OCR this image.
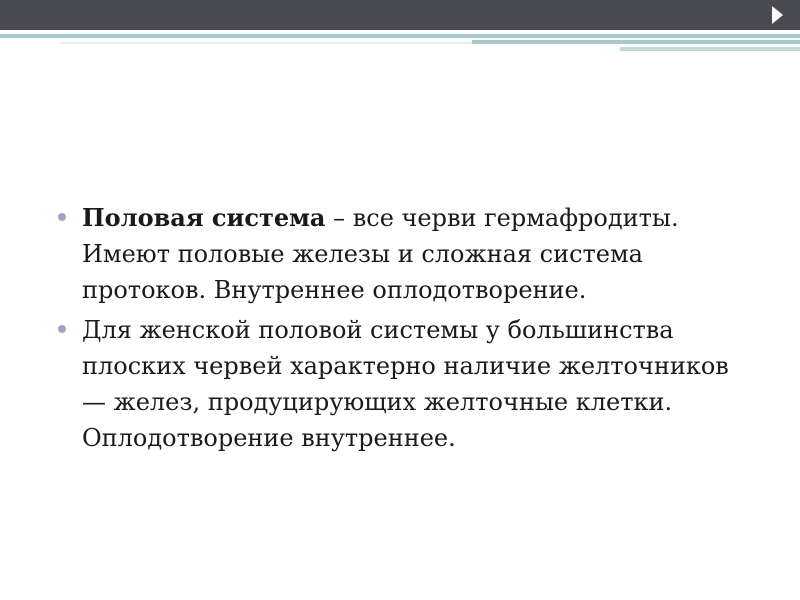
Половая система – все черви гермафродиты. Имеют половые железы и сложная система протоков. Внутреннее оплодотворение.
Для женской половой системы у большинства плоских червей характерно наличие желточников — желез, продуцирующих желточные клетки. Оплодотворение внутреннее.
